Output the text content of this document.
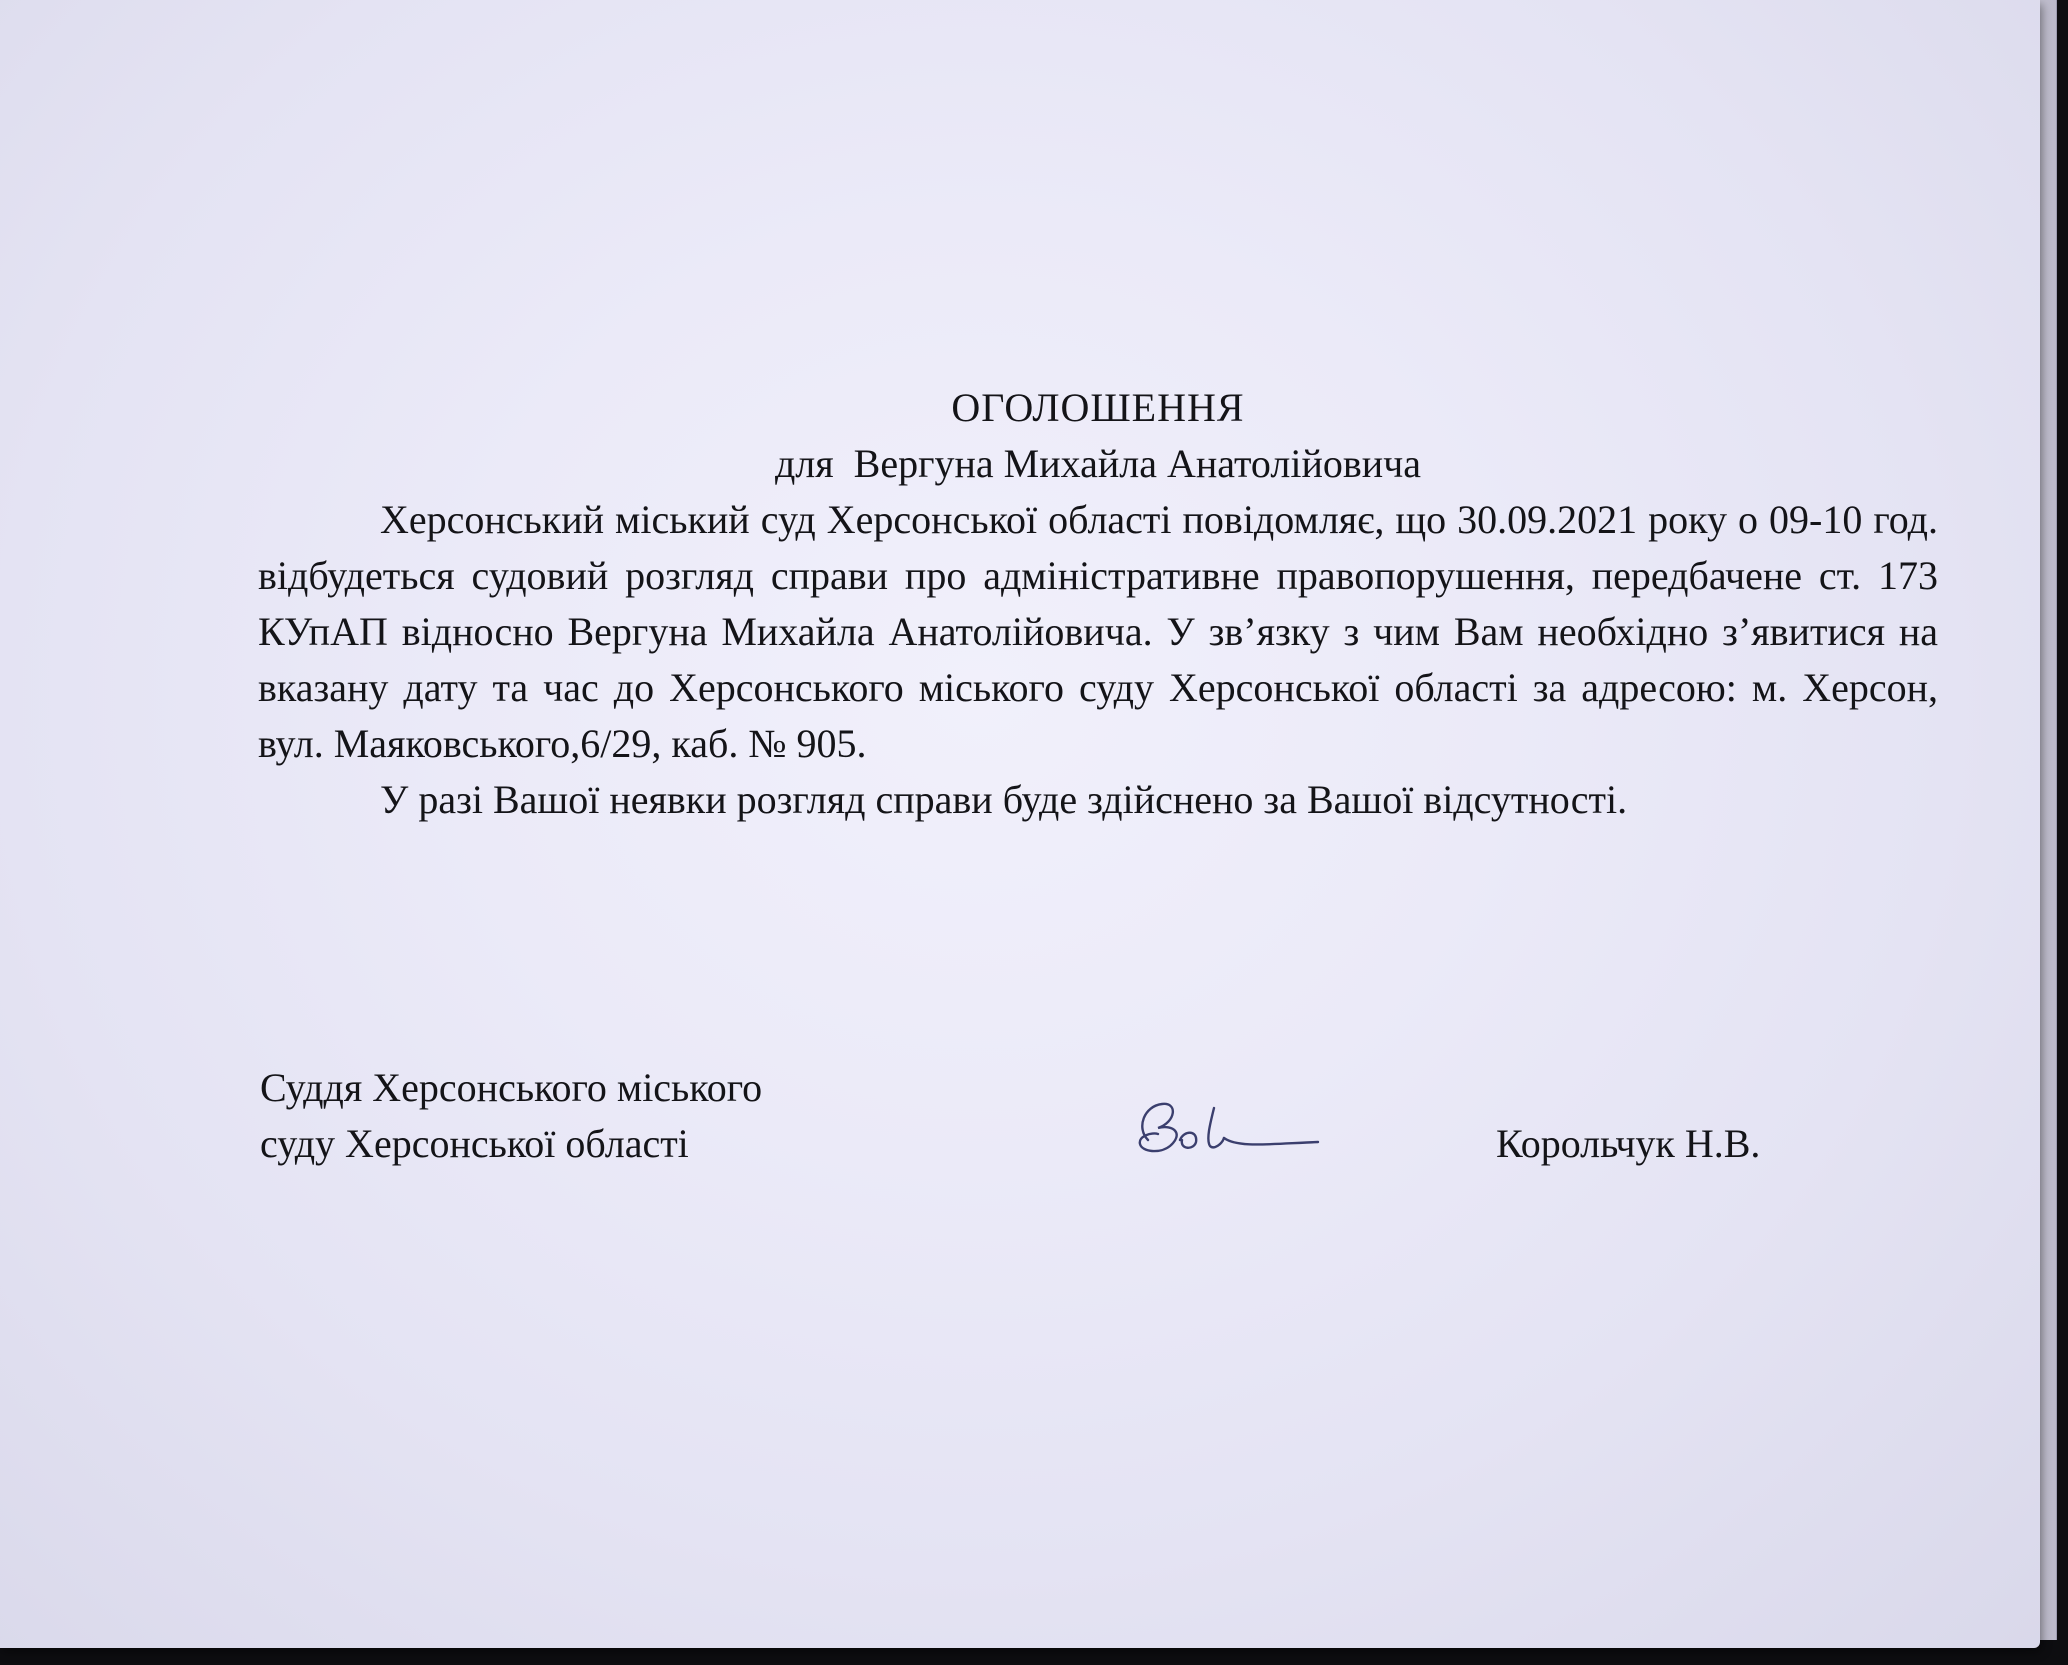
ОГОЛОШЕННЯ

для  Вергуна Михайла Анатолійовича

Херсонський міський суд Херсонської області повідомляє, що 30.09.2021 року о 09-10 год. відбудеться судовий розгляд справи про адміністративне правопорушення, передбачене ст. 173 КУпАП відносно Вергуна Михайла Анатолійовича. У зв’язку з чим Вам необхідно з’явитися на вказану дату та час до Херсонського міського суду Херсонської області за адресою: м. Херсон, вул. Маяковського,6/29, каб. № 905.

У разі Вашої неявки розгляд справи буде здійснено за Вашої відсутності.

Суддя Херсонського міського

суду Херсонської області	Корольчук Н.В.
